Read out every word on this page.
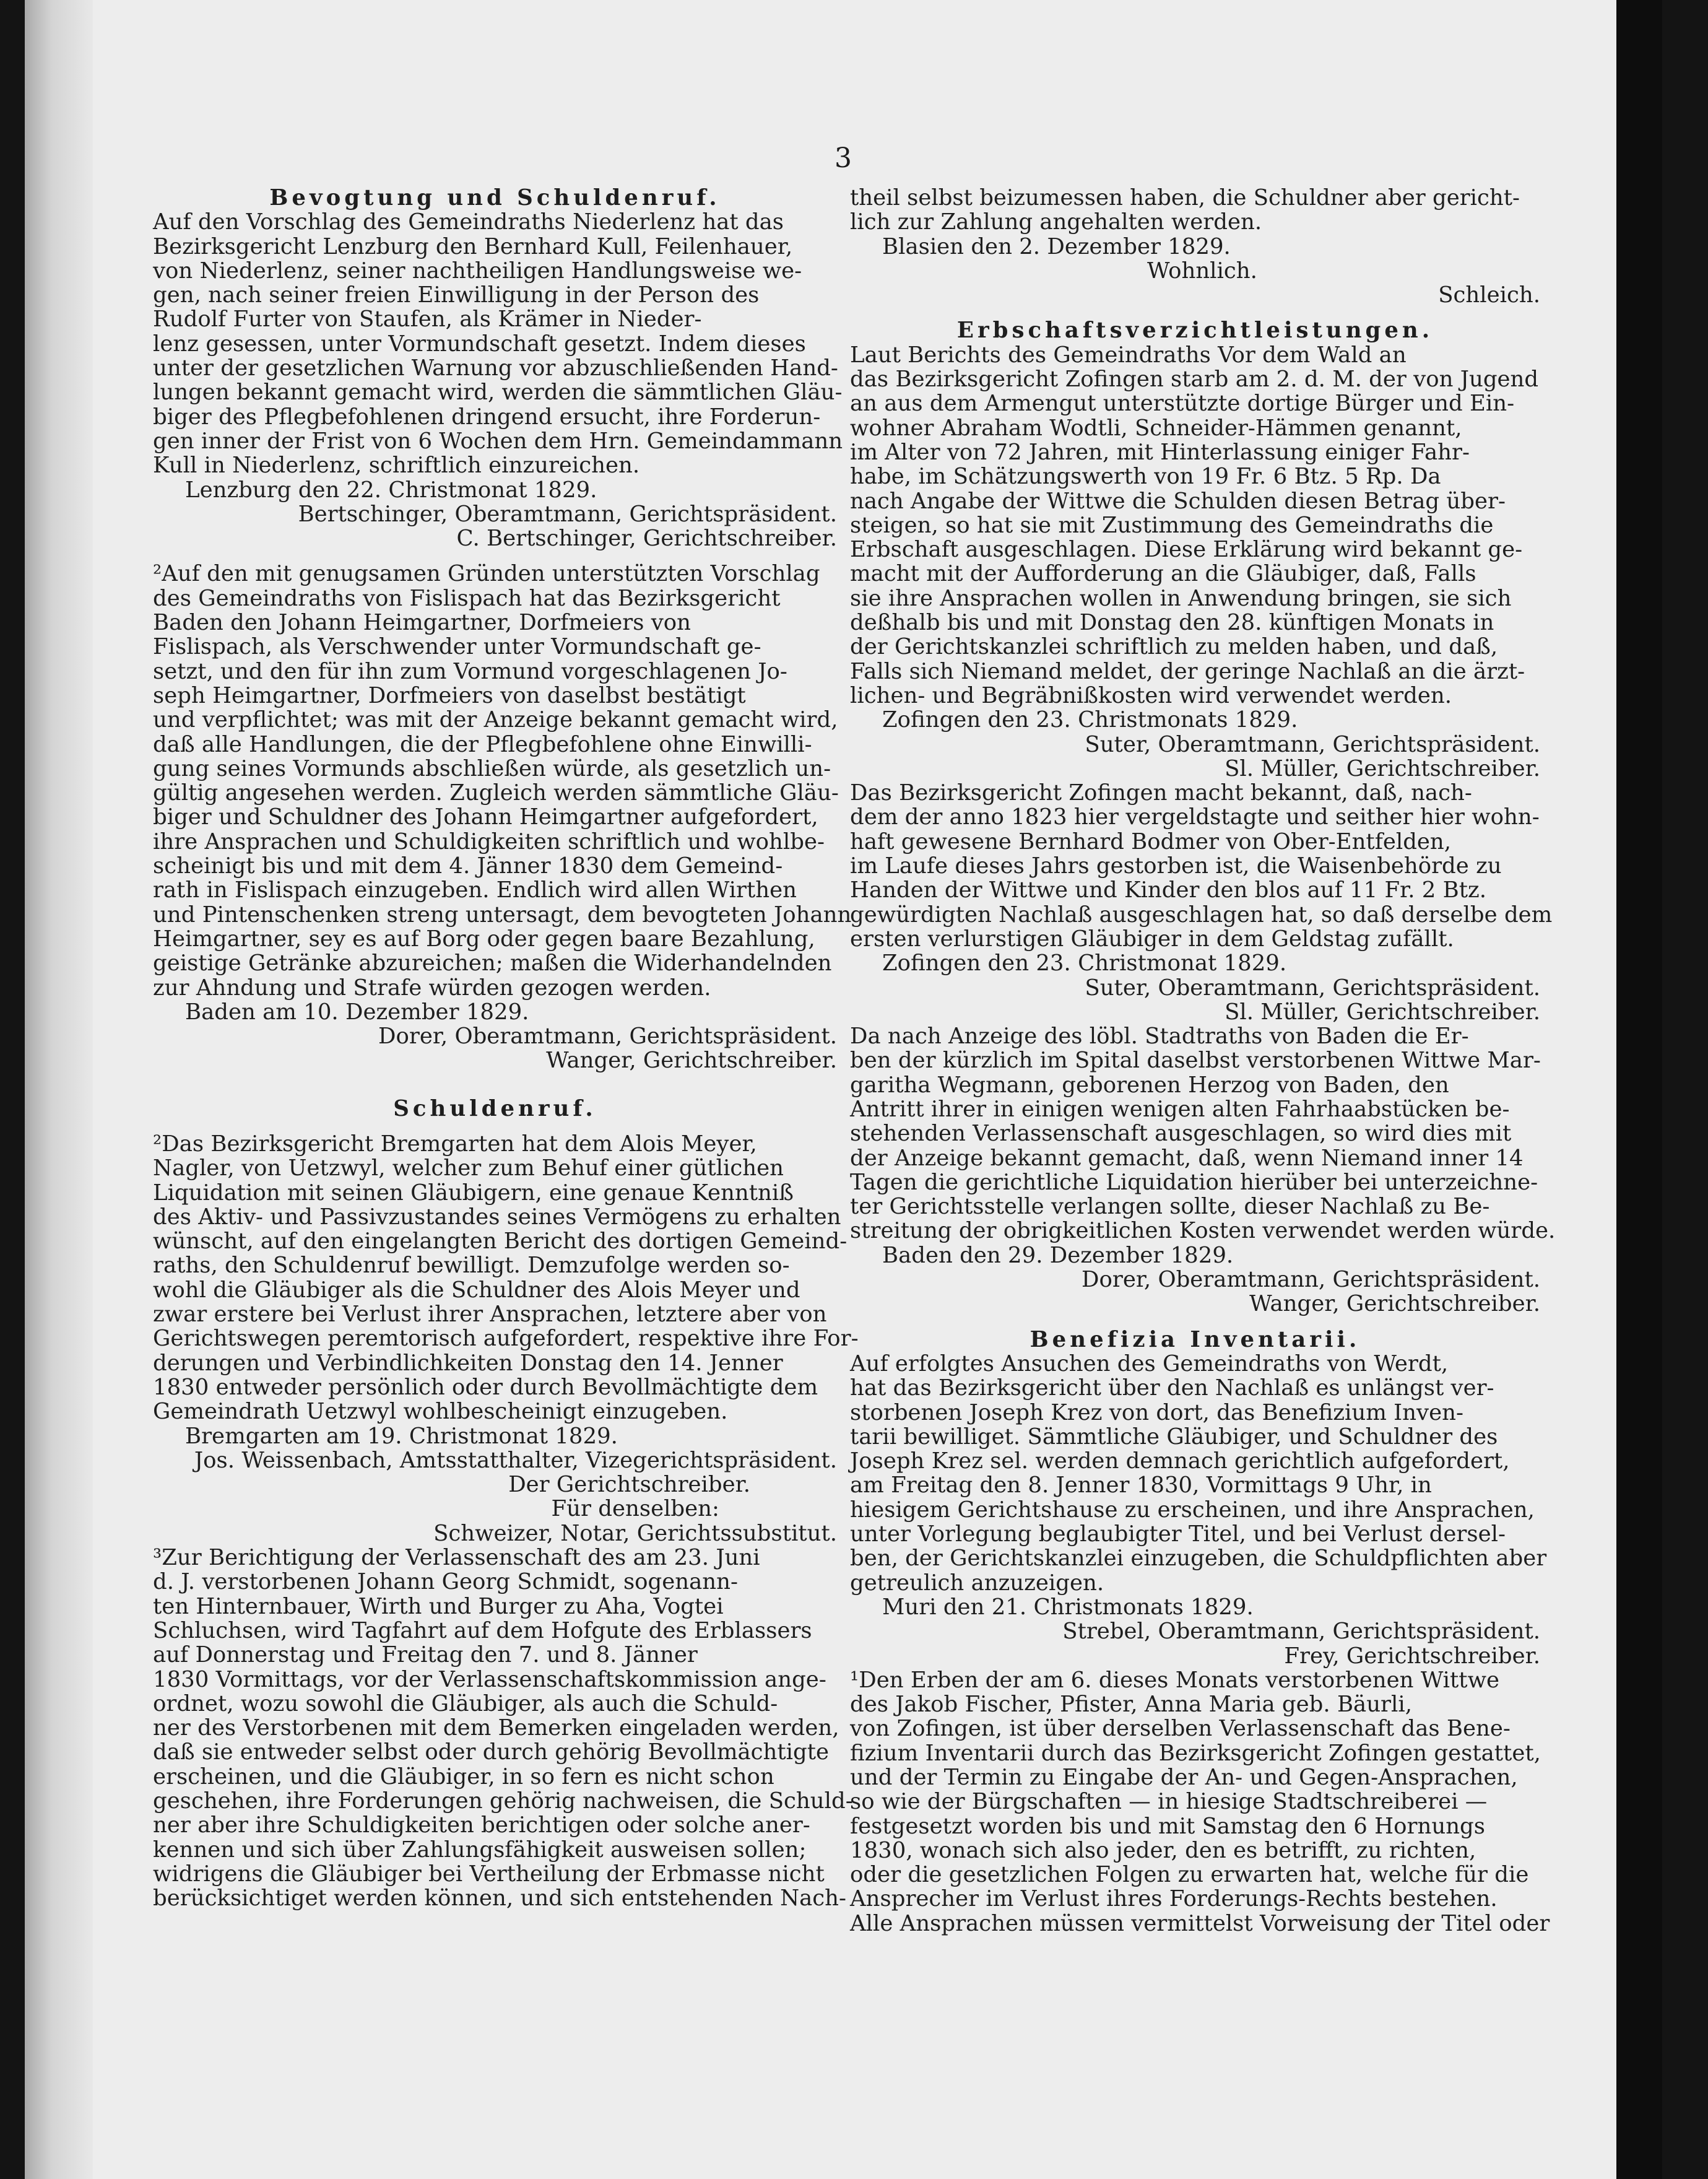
3

Bevogtung und Schuldenruf.

Auf den Vorschlag des Gemeindraths Niederlenz hat das

Bezirksgericht Lenzburg den Bernhard Kull, Feilenhauer,

von Niederlenz, seiner nachtheiligen Handlungsweise we-

gen, nach seiner freien Einwilligung in der Person des

Rudolf Furter von Staufen, als Krämer in Nieder-

lenz gesessen, unter Vormundschaft gesetzt. Indem dieses

unter der gesetzlichen Warnung vor abzuschließenden Hand-

lungen bekannt gemacht wird, werden die sämmtlichen Gläu-

biger des Pflegbefohlenen dringend ersucht, ihre Forderun-

gen inner der Frist von 6 Wochen dem Hrn. Gemeindammann

Kull in Niederlenz, schriftlich einzureichen.

Lenzburg den 22. Christmonat 1829.

Bertschinger, Oberamtmann, Gerichtspräsident.

C. Bertschinger, Gerichtschreiber.

²Auf den mit genugsamen Gründen unterstützten Vorschlag

des Gemeindraths von Fislispach hat das Bezirksgericht

Baden den Johann Heimgartner, Dorfmeiers von

Fislispach, als Verschwender unter Vormundschaft ge-

setzt, und den für ihn zum Vormund vorgeschlagenen Jo-

seph Heimgartner, Dorfmeiers von daselbst bestätigt

und verpflichtet; was mit der Anzeige bekannt gemacht wird,

daß alle Handlungen, die der Pflegbefohlene ohne Einwilli-

gung seines Vormunds abschließen würde, als gesetzlich un-

gültig angesehen werden. Zugleich werden sämmtliche Gläu-

biger und Schuldner des Johann Heimgartner aufgefordert,

ihre Ansprachen und Schuldigkeiten schriftlich und wohlbe-

scheinigt bis und mit dem 4. Jänner 1830 dem Gemeind-

rath in Fislispach einzugeben. Endlich wird allen Wirthen

und Pintenschenken streng untersagt, dem bevogteten Johann

Heimgartner, sey es auf Borg oder gegen baare Bezahlung,

geistige Getränke abzureichen; maßen die Widerhandelnden

zur Ahndung und Strafe würden gezogen werden.

Baden am 10. Dezember 1829.

Dorer, Oberamtmann, Gerichtspräsident.

Wanger, Gerichtschreiber.

Schuldenruf.

²Das Bezirksgericht Bremgarten hat dem Alois Meyer,

Nagler, von Uetzwyl, welcher zum Behuf einer gütlichen

Liquidation mit seinen Gläubigern, eine genaue Kenntniß

des Aktiv- und Passivzustandes seines Vermögens zu erhalten

wünscht, auf den eingelangten Bericht des dortigen Gemeind-

raths, den Schuldenruf bewilligt. Demzufolge werden so-

wohl die Gläubiger als die Schuldner des Alois Meyer und

zwar erstere bei Verlust ihrer Ansprachen, letztere aber von

Gerichtswegen peremtorisch aufgefordert, respektive ihre For-

derungen und Verbindlichkeiten Donstag den 14. Jenner

1830 entweder persönlich oder durch Bevollmächtigte dem

Gemeindrath Uetzwyl wohlbescheinigt einzugeben.

Bremgarten am 19. Christmonat 1829.

Jos. Weissenbach, Amtsstatthalter, Vizegerichtspräsident.

Der Gerichtschreiber.

Für denselben:

Schweizer, Notar, Gerichtssubstitut.

³Zur Berichtigung der Verlassenschaft des am 23. Juni

d. J. verstorbenen Johann Georg Schmidt, sogenann-

ten Hinternbauer, Wirth und Burger zu Aha, Vogtei

Schluchsen, wird Tagfahrt auf dem Hofgute des Erblassers

auf Donnerstag und Freitag den 7. und 8. Jänner

1830 Vormittags, vor der Verlassenschaftskommission ange-

ordnet, wozu sowohl die Gläubiger, als auch die Schuld-

ner des Verstorbenen mit dem Bemerken eingeladen werden,

daß sie entweder selbst oder durch gehörig Bevollmächtigte

erscheinen, und die Gläubiger, in so fern es nicht schon

geschehen, ihre Forderungen gehörig nachweisen, die Schuld-

ner aber ihre Schuldigkeiten berichtigen oder solche aner-

kennen und sich über Zahlungsfähigkeit ausweisen sollen;

widrigens die Gläubiger bei Vertheilung der Erbmasse nicht

berücksichtiget werden können, und sich entstehenden Nach-

theil selbst beizumessen haben, die Schuldner aber gericht-

lich zur Zahlung angehalten werden.

Blasien den 2. Dezember 1829.

Wohnlich.

Schleich.

Erbschaftsverzichtleistungen.

Laut Berichts des Gemeindraths Vor dem Wald an

das Bezirksgericht Zofingen starb am 2. d. M. der von Jugend

an aus dem Armengut unterstützte dortige Bürger und Ein-

wohner Abraham Wodtli, Schneider-Hämmen genannt,

im Alter von 72 Jahren, mit Hinterlassung einiger Fahr-

habe, im Schätzungswerth von 19 Fr. 6 Btz. 5 Rp. Da

nach Angabe der Wittwe die Schulden diesen Betrag über-

steigen, so hat sie mit Zustimmung des Gemeindraths die

Erbschaft ausgeschlagen. Diese Erklärung wird bekannt ge-

macht mit der Aufforderung an die Gläubiger, daß, Falls

sie ihre Ansprachen wollen in Anwendung bringen, sie sich

deßhalb bis und mit Donstag den 28. künftigen Monats in

der Gerichtskanzlei schriftlich zu melden haben, und daß,

Falls sich Niemand meldet, der geringe Nachlaß an die ärzt-

lichen- und Begräbnißkosten wird verwendet werden.

Zofingen den 23. Christmonats 1829.

Suter, Oberamtmann, Gerichtspräsident.

Sl. Müller, Gerichtschreiber.

Das Bezirksgericht Zofingen macht bekannt, daß, nach-

dem der anno 1823 hier vergeldstagte und seither hier wohn-

haft gewesene Bernhard Bodmer von Ober-Entfelden,

im Laufe dieses Jahrs gestorben ist, die Waisenbehörde zu

Handen der Wittwe und Kinder den blos auf 11 Fr. 2 Btz.

gewürdigten Nachlaß ausgeschlagen hat, so daß derselbe dem

ersten verlurstigen Gläubiger in dem Geldstag zufällt.

Zofingen den 23. Christmonat 1829.

Suter, Oberamtmann, Gerichtspräsident.

Sl. Müller, Gerichtschreiber.

Da nach Anzeige des löbl. Stadtraths von Baden die Er-

ben der kürzlich im Spital daselbst verstorbenen Wittwe Mar-

garitha Wegmann, geborenen Herzog von Baden, den

Antritt ihrer in einigen wenigen alten Fahrhaabstücken be-

stehenden Verlassenschaft ausgeschlagen, so wird dies mit

der Anzeige bekannt gemacht, daß, wenn Niemand inner 14

Tagen die gerichtliche Liquidation hierüber bei unterzeichne-

ter Gerichtsstelle verlangen sollte, dieser Nachlaß zu Be-

streitung der obrigkeitlichen Kosten verwendet werden würde.

Baden den 29. Dezember 1829.

Dorer, Oberamtmann, Gerichtspräsident.

Wanger, Gerichtschreiber.

Benefizia Inventarii.

Auf erfolgtes Ansuchen des Gemeindraths von Werdt,

hat das Bezirksgericht über den Nachlaß es unlängst ver-

storbenen Joseph Krez von dort, das Benefizium Inven-

tarii bewilliget. Sämmtliche Gläubiger, und Schuldner des

Joseph Krez sel. werden demnach gerichtlich aufgefordert,

am Freitag den 8. Jenner 1830, Vormittags 9 Uhr, in

hiesigem Gerichtshause zu erscheinen, und ihre Ansprachen,

unter Vorlegung beglaubigter Titel, und bei Verlust dersel-

ben, der Gerichtskanzlei einzugeben, die Schuldpflichten aber

getreulich anzuzeigen.

Muri den 21. Christmonats 1829.

Strebel, Oberamtmann, Gerichtspräsident.

Frey, Gerichtschreiber.

¹Den Erben der am 6. dieses Monats verstorbenen Wittwe

des Jakob Fischer, Pfister, Anna Maria geb. Bäurli,

von Zofingen, ist über derselben Verlassenschaft das Bene-

fizium Inventarii durch das Bezirksgericht Zofingen gestattet,

und der Termin zu Eingabe der An- und Gegen-Ansprachen,

so wie der Bürgschaften — in hiesige Stadtschreiberei —

festgesetzt worden bis und mit Samstag den 6 Hornungs

1830, wonach sich also jeder, den es betrifft, zu richten,

oder die gesetzlichen Folgen zu erwarten hat, welche für die

Ansprecher im Verlust ihres Forderungs-Rechts bestehen.

Alle Ansprachen müssen vermittelst Vorweisung der Titel oder
